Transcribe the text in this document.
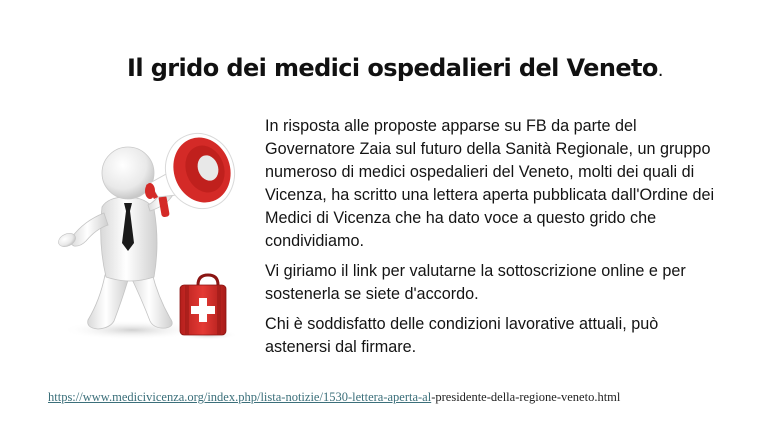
Il grido dei medici ospedalieri del Veneto.

In risposta alle proposte apparse su FB da parte del Governatore Zaia sul futuro della Sanità Regionale, un gruppo numeroso di medici ospedalieri del Veneto, molti dei quali di Vicenza, ha scritto una lettera aperta pubblicata dall'Ordine dei Medici di Vicenza che ha dato voce a questo grido che condividiamo.

Vi giriamo il link per valutarne la sottoscrizione online e per sostenerla se siete d'accordo.

Chi è soddisfatto delle condizioni lavorative attuali, può astenersi dal firmare.

https://www.medicivicenza.org/index.php/lista-notizie/1530-lettera-aperta-al-presidente-della-regione-veneto.html
